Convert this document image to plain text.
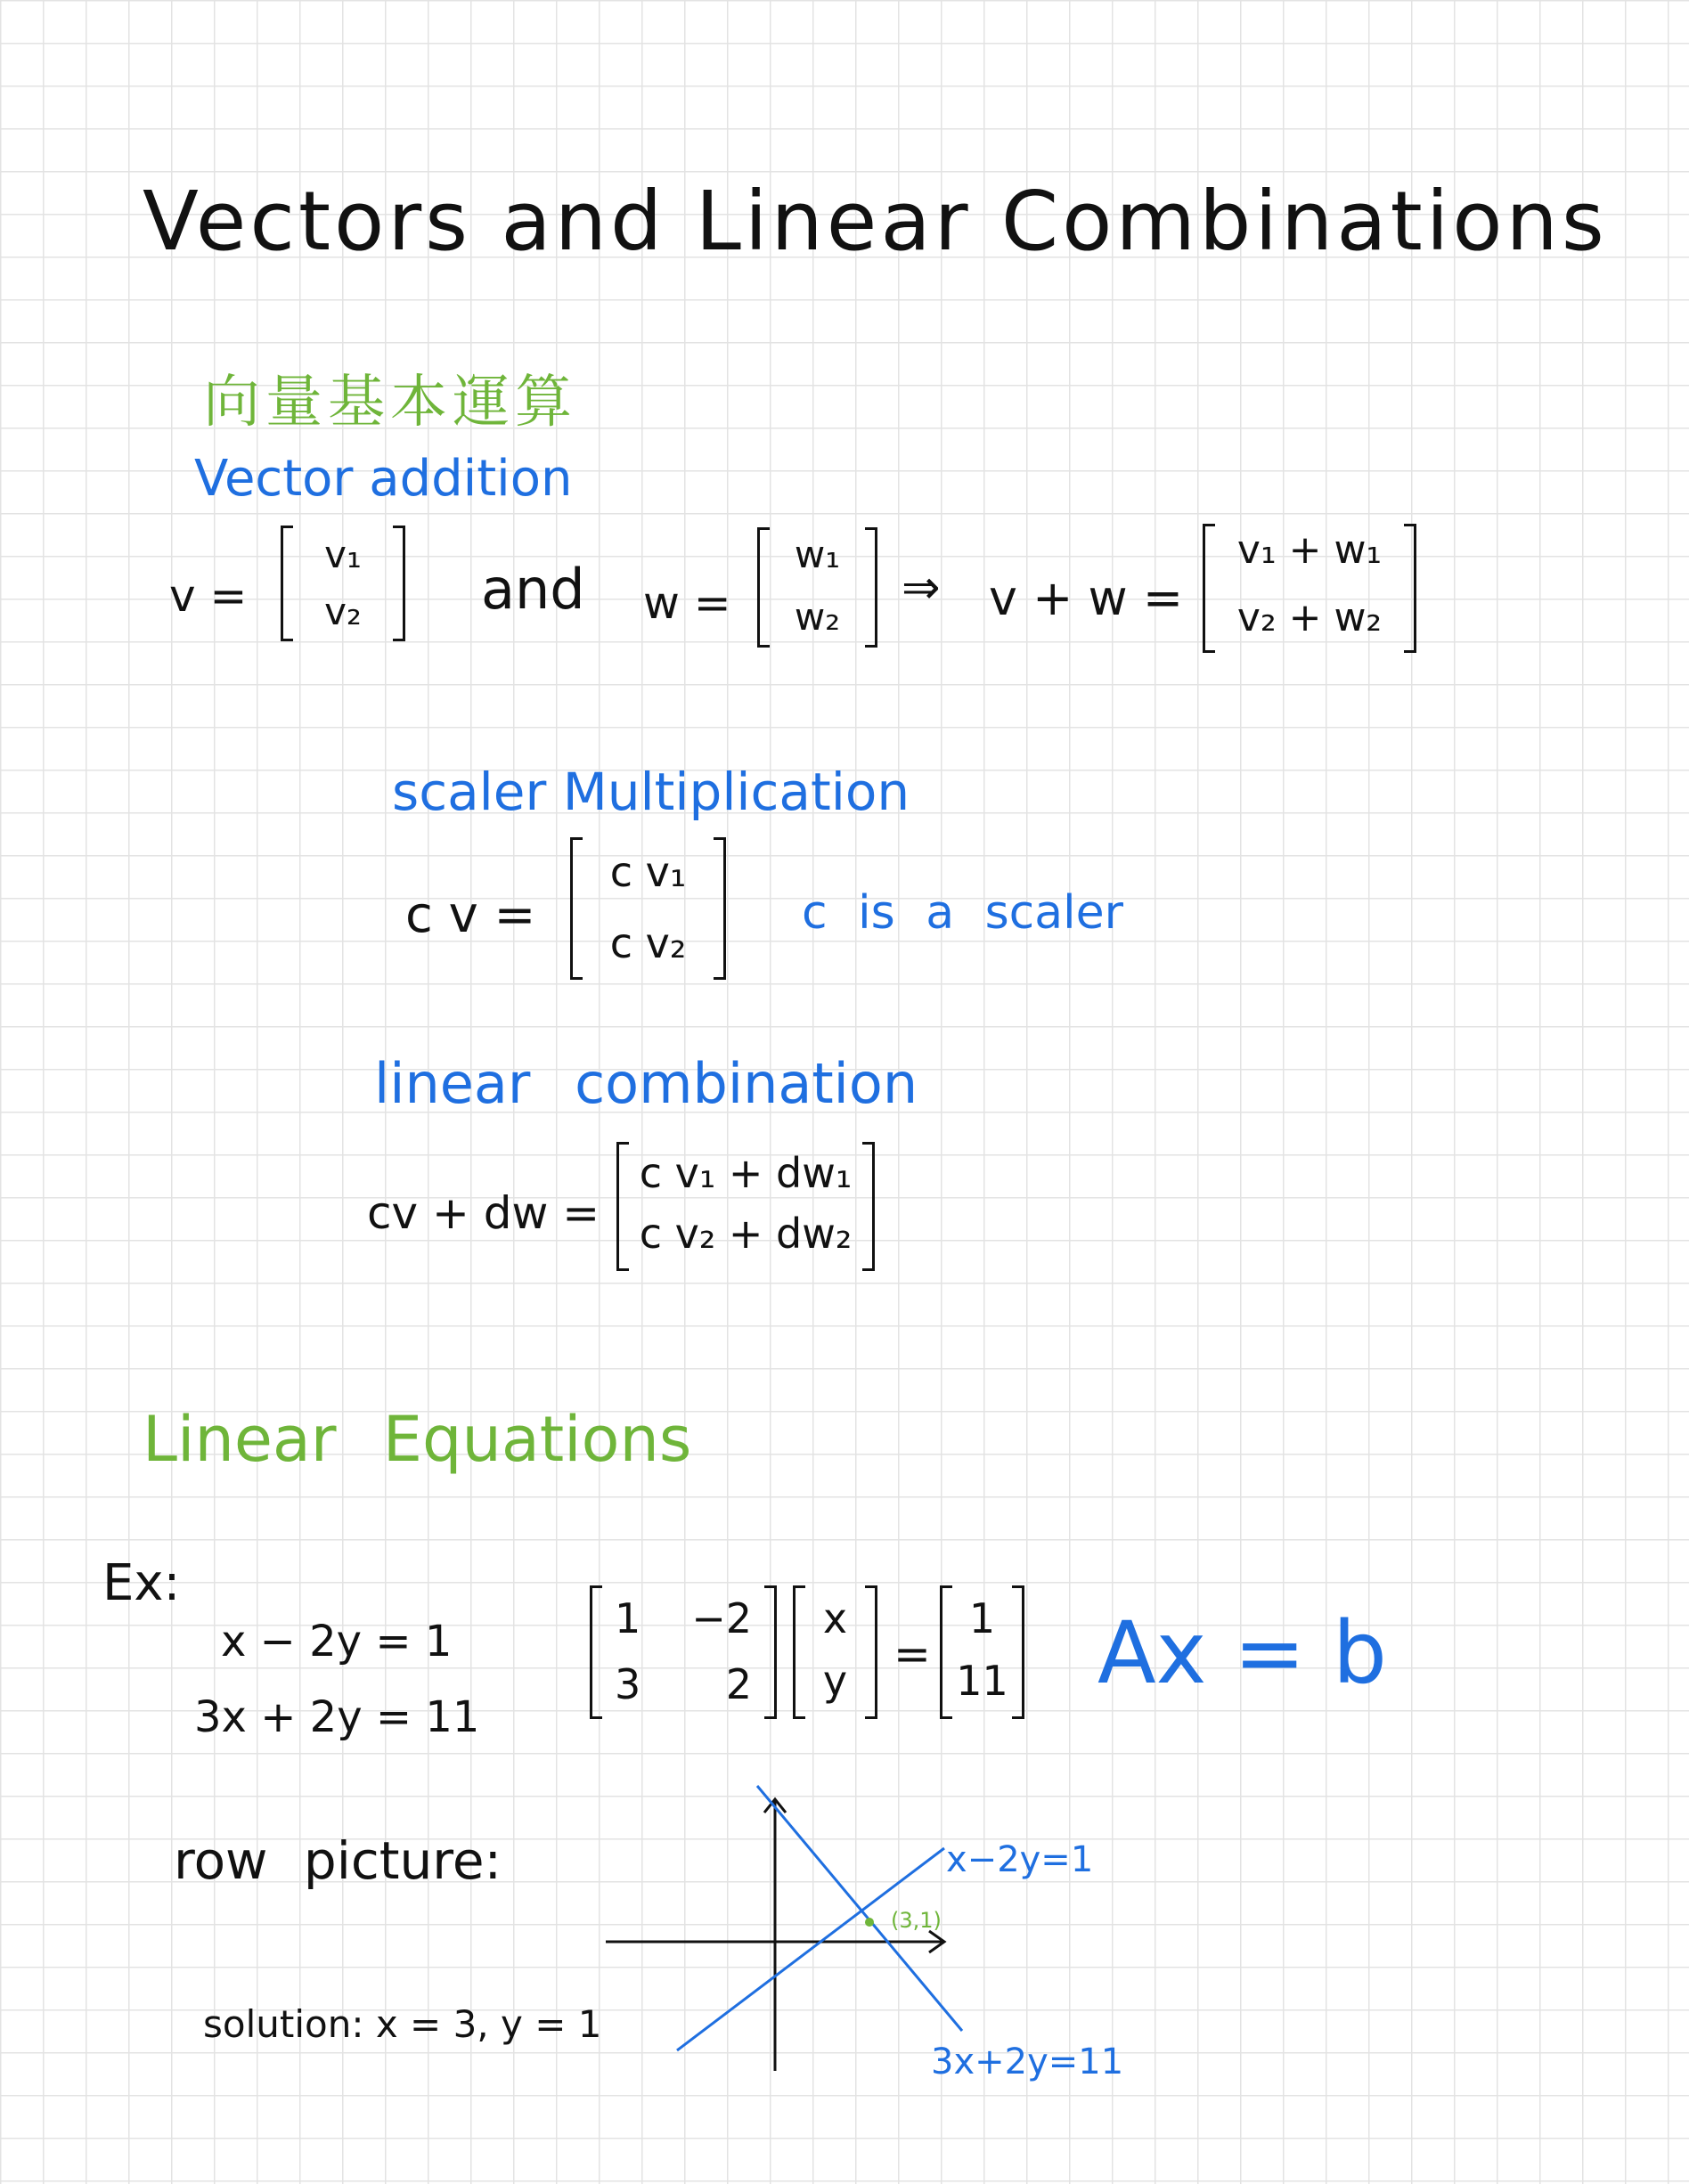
Vectors and Linear Combinations
向量基本運算
Vector addition
v =
v₁
v₂	and w =
w₁
w₂
⇒ v + w =
v₁ + w₁
v₂ + w₂
scaler Multiplication
c v =
c v₁
c v₂
c is a scaler
linear combination
cv + dw =
c v₁ + dw₁
c v₂ + dw₂
Linear Equations
Ex:
x − 2y = 1
3x + 2y = 11
1 −2
3 2
x
y
=
1
11 Ax = b
row picture:	x−2y=1
(3,1)
3x+2y=11
solution: x = 3, y = 1
